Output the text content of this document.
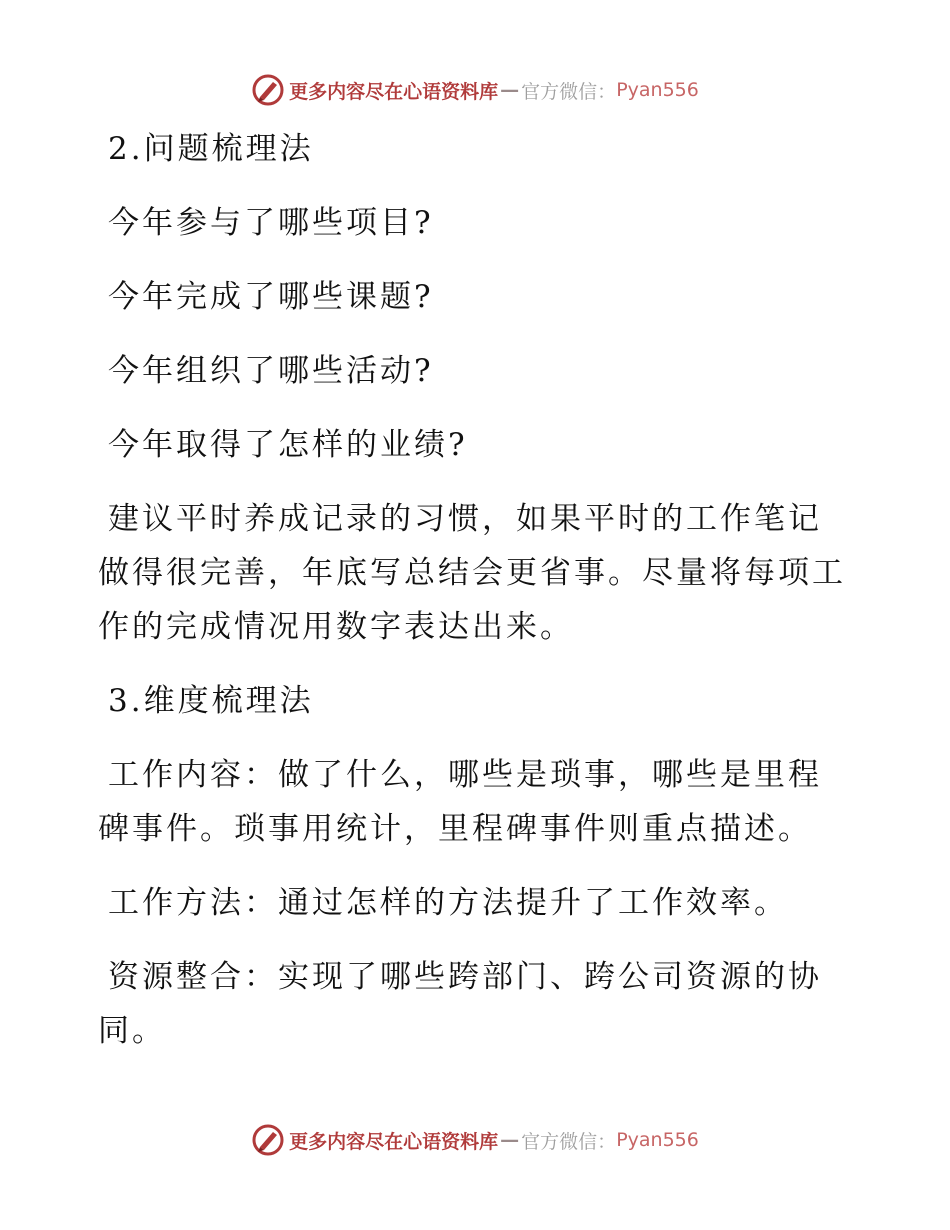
更多内容尽在心语资料库 — 官方微信： Pyan556

2.问题梳理法

今年参与了哪些项目?

今年完成了哪些课题?

今年组织了哪些活动?

今年取得了怎样的业绩?

建议平时养成记录的习惯，如果平时的工作笔记

做得很完善，年底写总结会更省事。尽量将每项工

作的完成情况用数字表达出来。

3.维度梳理法

工作内容：做了什么，哪些是琐事，哪些是里程

碑事件。琐事用统计，里程碑事件则重点描述。

工作方法：通过怎样的方法提升了工作效率。

资源整合：实现了哪些跨部门、跨公司资源的协

同。

更多内容尽在心语资料库 — 官方微信： Pyan556
